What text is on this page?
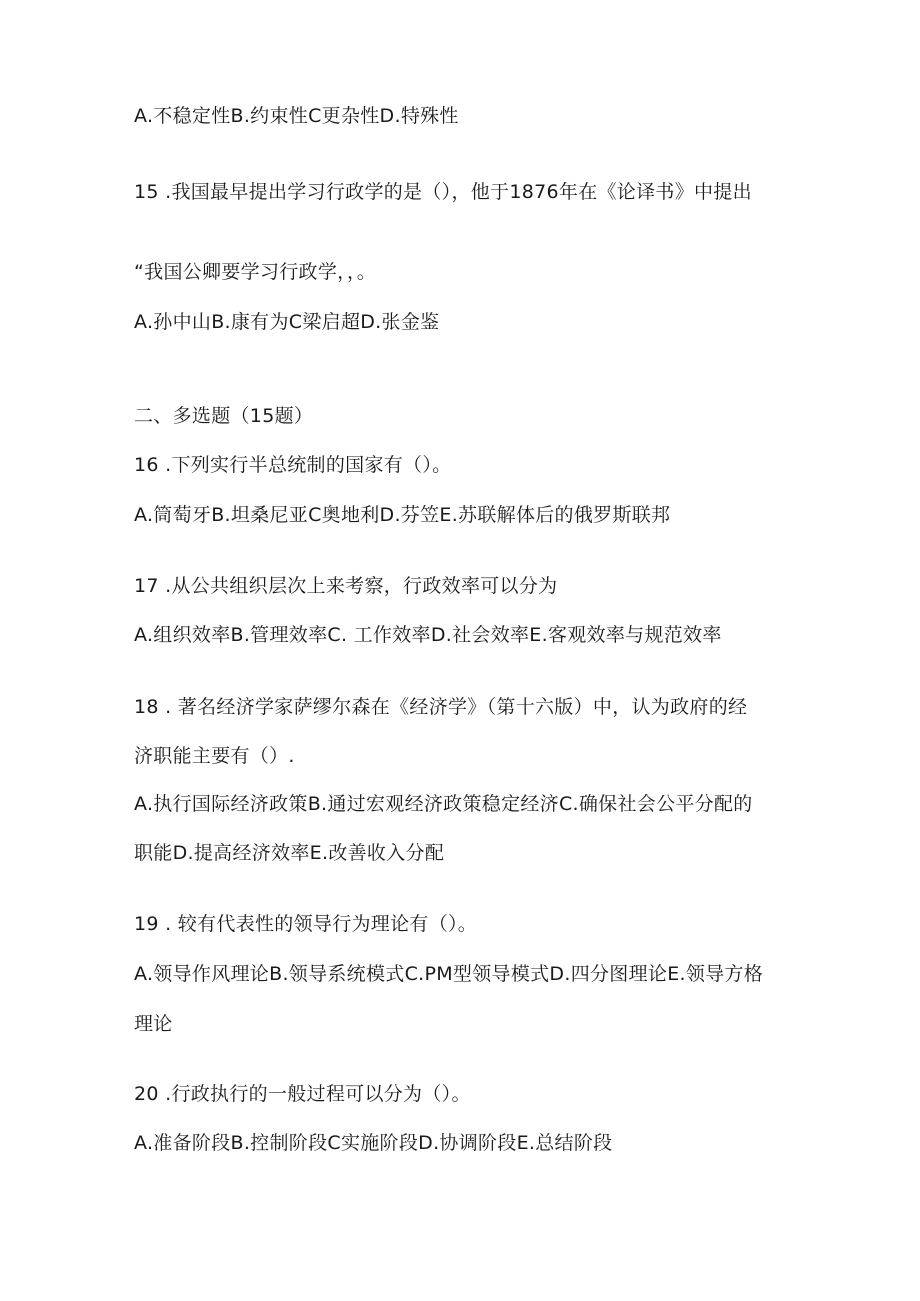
A.不稳定性B.约束性C更杂性D.特殊性
15 .我国最早提出学习行政学的是（），他于1876年在《论译书》中提出
“我国公卿要学习行政学，，。
A.孙中山B.康有为C梁启超D.张金鉴
二、多选题（15题）
16 .下列实行半总统制的国家有（）。
A.筒萄牙B.坦桑尼亚C奥地利D.芬笠E.苏联解体后的俄罗斯联邦
17 .从公共组织层次上来考察，行政效率可以分为
A.组织效率B.管理效率C. 工作效率D.社会效率E.客观效率与规范效率
18 . 著名经济学家萨缪尔森在《经济学》（第十六版）中，认为政府的经
济职能主要有（）.
A.执行国际经济政策B.通过宏观经济政策稳定经济C.确保社会公平分配的
职能D.提高经济效率E.改善收入分配
19 . 较有代表性的领导行为理论有（）。
A.领导作风理论B.领导系统模式C.PM型领导模式D.四分图理论E.领导方格
理论
20 .行政执行的一般过程可以分为（）。
A.准备阶段B.控制阶段C实施阶段D.协调阶段E.总结阶段
